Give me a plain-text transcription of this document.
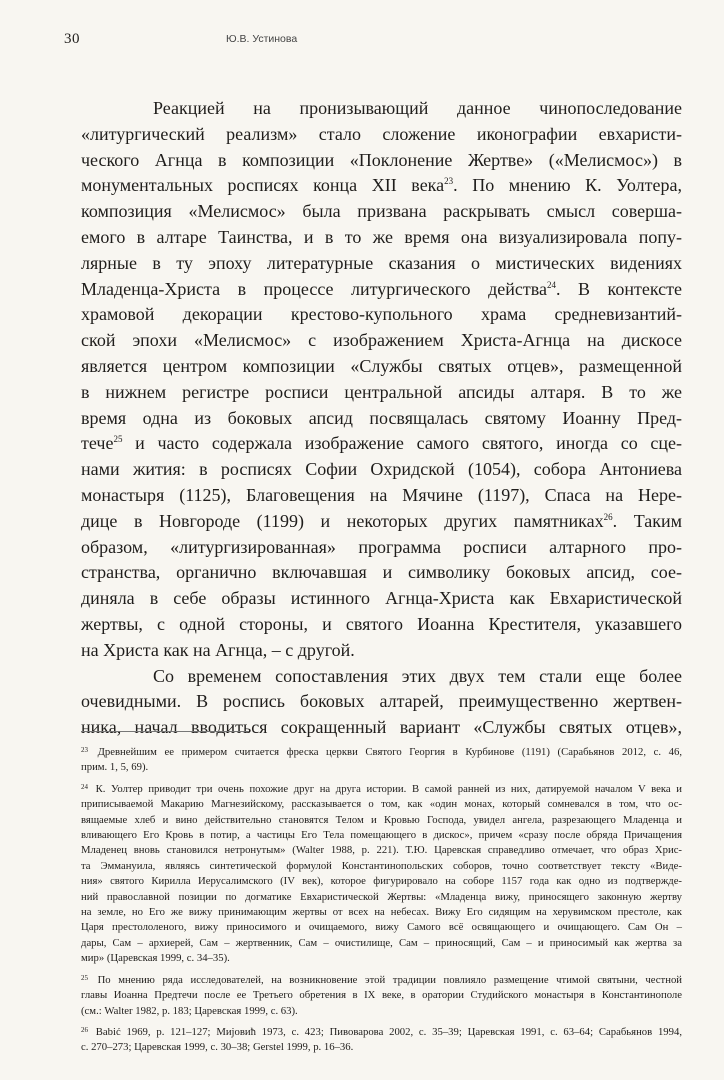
30	Ю.В. Устинова

Реакцией на пронизывающий данное чинопоследование
«литургический реализм» стало сложение иконографии евхаристи-
ческого Агнца в композиции «Поклонение Жертве» («Мелисмос») в
монументальных росписях конца XII века$^{23}$. По мнению К. Уолтера,
композиция «Мелисмос» была призвана раскрывать смысл соверша-
емого в алтаре Таинства, и в то же время она визуализировала попу-
лярные в ту эпоху литературные сказания о мистических видениях
Младенца-Христа в процессе литургического действа$^{24}$. В контексте
храмовой декорации крестово-купольного храма средневизантий-
ской эпохи «Мелисмос» с изображением Христа-Агнца на дискосе
является центром композиции «Службы святых отцев», размещенной
в нижнем регистре росписи центральной апсиды алтаря. В то же
время одна из боковых апсид посвящалась святому Иоанну Пред-
тече$^{25}$ и часто содержала изображение самого святого, иногда со сце-
нами жития: в росписях Софии Охридской (1054), собора Антониева
монастыря (1125), Благовещения на Мячине (1197), Спаса на Нере-
дице в Новгороде (1199) и некоторых других памятниках$^{26}$. Таким
образом, «литургизированная» программа росписи алтарного про-
странства, органично включавшая и символику боковых апсид, сое-
диняла в себе образы истинного Агнца-Христа как Евхаристической
жертвы, с одной стороны, и святого Иоанна Крестителя, указавшего
на Христа как на Агнца, – с другой.

Со временем сопоставления этих двух тем стали еще более
очевидными. В роспись боковых алтарей, преимущественно жертвен-
ника, начал вводиться сокращенный вариант «Службы святых отцев»,

$^{23}$ Древнейшим ее примером считается фреска церкви Святого Георгия в Курбинове (1191) (Сарабьянов 2012, с. 46,
прим. 1, 5, 69).

$^{24}$ К. Уолтер приводит три очень похожие друг на друга истории. В самой ранней из них, датируемой началом V века и
приписываемой Макарию Магнезийскому, рассказывается о том, как «один монах, который сомневался в том, что ос-
вящаемые хлеб и вино действительно становятся Телом и Кровью Господа, увидел ангела, разрезающего Младенца и
вливающего Его Кровь в потир, а частицы Его Тела помещающего в дискос», причем «сразу после обряда Причащения
Младенец вновь становился нетронутым» (Walter 1988, р. 221). Т.Ю. Царевская справедливо отмечает, что образ Хрис-
та Эммануила, являясь синтетической формулой Константинопольских соборов, точно соответствует тексту «Виде-
ния» святого Кирилла Иерусалимского (IV век), которое фигурировало на соборе 1157 года как одно из подтвержде-
ний православной позиции по догматике Евхаристической Жертвы: «Младенца вижу, приносящего законную жертву
на земле, но Его же вижу принимающим жертвы от всех на небесах. Вижу Его сидящим на херувимском престоле, как
Царя престололеного, вижу приносимого и очищаемого, вижу Самого всё освящающего и очищающего. Сам Он –
дары, Сам – архиерей, Сам – жертвенник, Сам – очистилище, Сам – приносящий, Сам – и приносимый как жертва за
мир» (Царевская 1999, с. 34–35).

$^{25}$ По мнению ряда исследователей, на возникновение этой традиции повлияло размещение чтимой святыни, честной
главы Иоанна Предтечи после ее Третьего обретения в IX веке, в оратории Студийского монастыря в Константинополе
(см.: Walter 1982, р. 183; Царевская 1999, с. 63).

$^{26}$ Babić 1969, p. 121–127; Мијовић 1973, с. 423; Пивоварова 2002, с. 35–39; Царевская 1991, с. 63–64; Сарабьянов 1994,
с. 270–273; Царевская 1999, с. 30–38; Gerstel 1999, р. 16–36.
